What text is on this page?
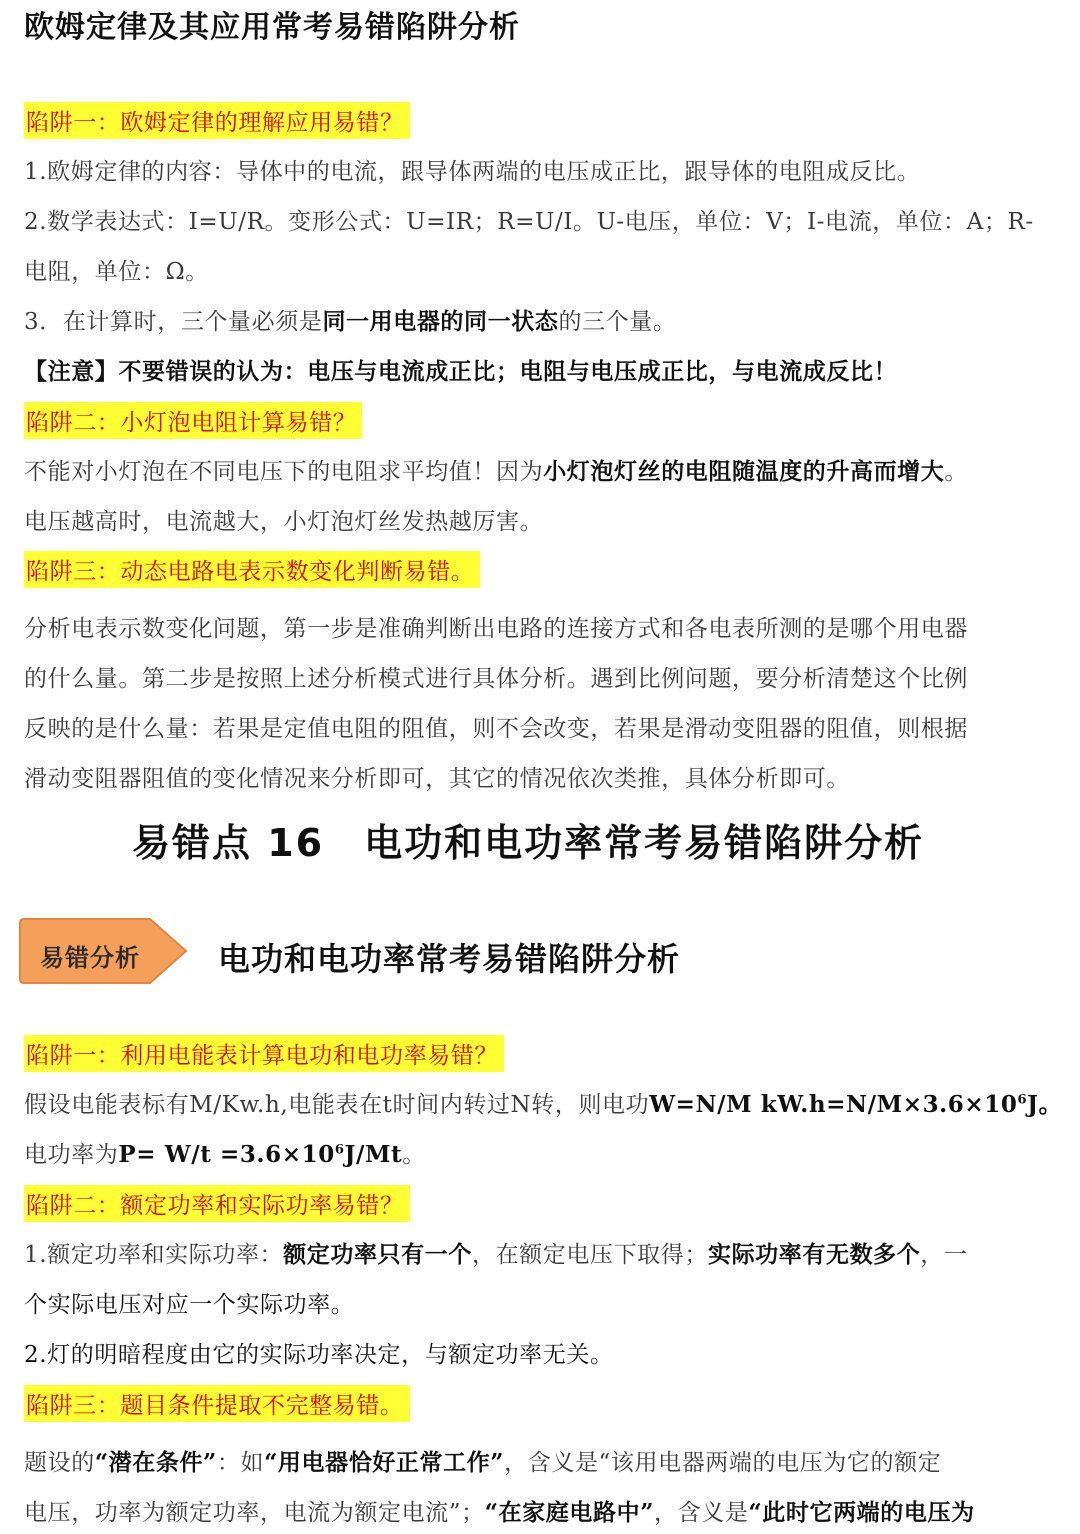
欧姆定律及其应用常考易错陷阱分析
陷阱一：欧姆定律的理解应用易错？
1.欧姆定律的内容：导体中的电流，跟导体两端的电压成正比，跟导体的电阻成反比。
2.数学表达式：I=U/R。变形公式：U=IR；R=U/I。U-电压，单位：V；I-电流，单位：A；R-
电阻，单位：Ω。
3．在计算时，三个量必须是同一用电器的同一状态的三个量。
【注意】不要错误的认为：电压与电流成正比；电阻与电压成正比，与电流成反比！
陷阱二：小灯泡电阻计算易错？
不能对小灯泡在不同电压下的电阻求平均值！因为小灯泡灯丝的电阻随温度的升高而增大。
电压越高时，电流越大，小灯泡灯丝发热越厉害。
陷阱三：动态电路电表示数变化判断易错。
分析电表示数变化问题，第一步是准确判断出电路的连接方式和各电表所测的是哪个用电器
的什么量。第二步是按照上述分析模式进行具体分析。遇到比例问题，要分析清楚这个比例
反映的是什么量：若果是定值电阻的阻值，则不会改变，若果是滑动变阻器的阻值，则根据
滑动变阻器阻值的变化情况来分析即可，其它的情况依次类推，具体分析即可。
易错点 16　电功和电功率常考易错陷阱分析
易错分析 电功和电功率常考易错陷阱分析
陷阱一：利用电能表计算电功和电功率易错？
假设电能表标有M/Kw.h,电能表在t时间内转过N转，则电功W=N/M $kW.h=N/M\times 3.6\times 10^6J$。
电功率为$P= W/t =3.6\times 10^6J/Mt$。
陷阱二：额定功率和实际功率易错？
1.额定功率和实际功率：额定功率只有一个，在额定电压下取得；实际功率有无数多个，一
个实际电压对应一个实际功率。
2.灯的明暗程度由它的实际功率决定，与额定功率无关。
陷阱三：题目条件提取不完整易错。
题设的“潜在条件”：如“用电器恰好正常工作”，含义是“该用电器两端的电压为它的额定
电压，功率为额定功率，电流为额定电流”；“在家庭电路中”，含义是“此时它两端的电压为
